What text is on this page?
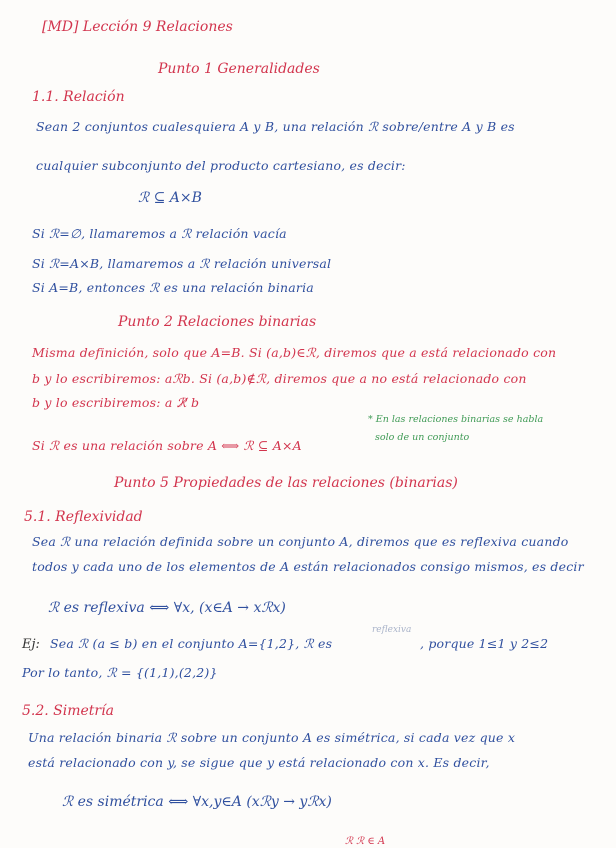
[MD] Lección 9 Relaciones
Punto 1 Generalidades
1.1. Relación
Sean 2 conjuntos cualesquiera A y B, una relación ℛ sobre/entre A y B es
cualquier subconjunto del producto cartesiano, es decir:
ℛ ⊆ A×B
Si ℛ=∅, llamaremos a ℛ relación vacía
Si ℛ=A×B, llamaremos a ℛ relación universal
Si A=B, entonces ℛ es una relación binaria
Punto 2 Relaciones binarias
Misma definición, solo que A=B. Si (a,b)∈ℛ, diremos que a está relacionado con
b y lo escribiremos: aℛb. Si (a,b)∉ℛ, diremos que a no está relacionado con
b y lo escribiremos: a ℛ̸ b
* En las relaciones binarias se habla
solo de un conjunto
Si ℛ es una relación sobre A ⟺ ℛ ⊆ A×A
Punto 5 Propiedades de las relaciones (binarias)
5.1. Reflexividad
Sea ℛ una relación definida sobre un conjunto A, diremos que es reflexiva cuando
todos y cada uno de los elementos de A están relacionados consigo mismos, es decir
ℛ es reflexiva ⟺ ∀x, (x∈A → xℛx)
Ej: Sea ℛ (a ≤ b) en el conjunto A={1,2}, ℛ es
reflexiva
, porque 1≤1 y 2≤2
Por lo tanto, ℛ = {(1,1),(2,2)}
5.2. Simetría
Una relación binaria ℛ sobre un conjunto A es simétrica, si cada vez que x
está relacionado con y, se sigue que y está relacionado con x. Es decir,
ℛ es simétrica ⟺ ∀x,y∈A (xℛy → yℛx)
ℛ ℛ ∈ A
